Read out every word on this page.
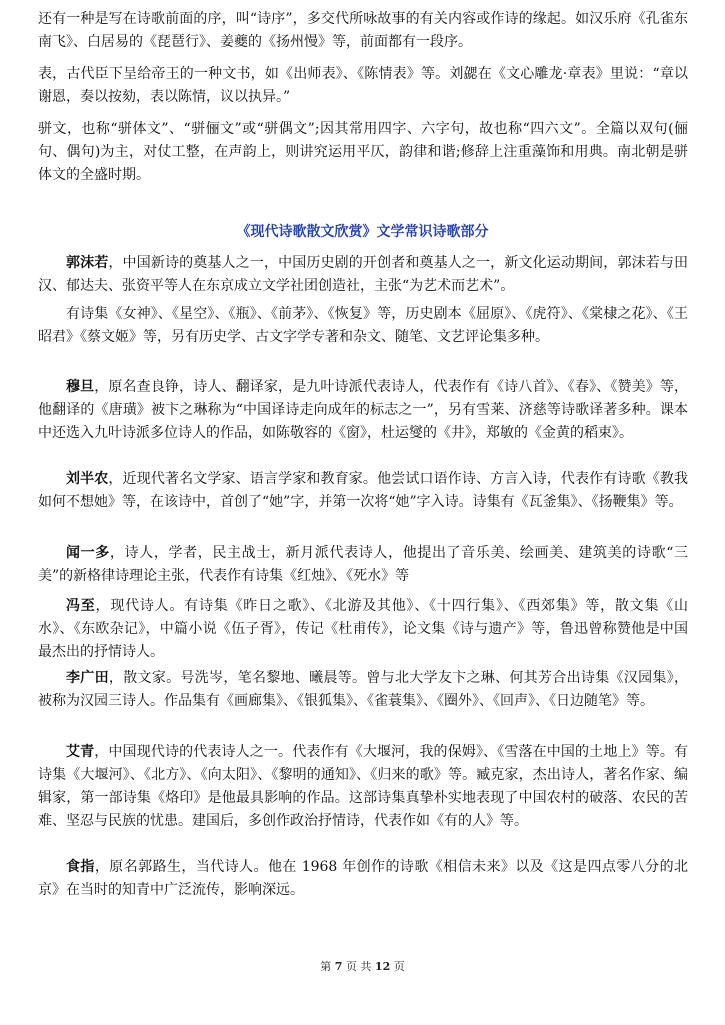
还有一种是写在诗歌前面的序，叫“诗序”，多交代所咏故事的有关内容或作诗的缘起。如汉乐府《孔雀东南飞》、白居易的《琵琶行》、姜夔的《扬州慢》等，前面都有一段序。

表，古代臣下呈给帝王的一种文书，如《出师表》、《陈情表》等。刘勰在《文心雕龙·章表》里说：“章以谢恩，奏以按劾，表以陈情，议以执异。”

骈文，也称“骈体文”、“骈俪文”或“骈偶文”;因其常用四字、六字句，故也称“四六文”。全篇以双句(俪句、偶句)为主，对仗工整，在声韵上，则讲究运用平仄，韵律和谐;修辞上注重藻饰和用典。南北朝是骈体文的全盛时期。

《现代诗歌散文欣赏》文学常识诗歌部分

郭沫若，中国新诗的奠基人之一，中国历史剧的开创者和奠基人之一，新文化运动期间，郭沫若与田汉、郁达夫、张资平等人在东京成立文学社团创造社，主张“为艺术而艺术”。

有诗集《女神》、《星空》、《瓶》、《前茅》、《恢复》等，历史剧本《屈原》、《虎符》、《棠棣之花》、《王昭君》《蔡文姬》等，另有历史学、古文字学专著和杂文、随笔、文艺评论集多种。

穆旦，原名查良铮，诗人、翻译家，是九叶诗派代表诗人，代表作有《诗八首》、《春》、《赞美》等，他翻译的《唐璜》被卞之琳称为“中国译诗走向成年的标志之一”，另有雪莱、济慈等诗歌译著多种。课本中还选入九叶诗派多位诗人的作品，如陈敬容的《窗》，杜运燮的《井》，郑敏的《金黄的稻束》。

刘半农，近现代著名文学家、语言学家和教育家。他尝试口语作诗、方言入诗，代表作有诗歌《教我如何不想她》等，在该诗中，首创了“她”字，并第一次将“她”字入诗。诗集有《瓦釜集》、《扬鞭集》等。

闻一多，诗人，学者，民主战士，新月派代表诗人，他提出了音乐美、绘画美、建筑美的诗歌“三美”的新格律诗理论主张，代表作有诗集《红烛》、《死水》等

冯至，现代诗人。有诗集《昨日之歌》、《北游及其他》、《十四行集》、《西郊集》等，散文集《山水》、《东欧杂记》，中篇小说《伍子胥》，传记《杜甫传》，论文集《诗与遗产》等，鲁迅曾称赞他是中国最杰出的抒情诗人。

李广田，散文家。号洗岑，笔名黎地、曦晨等。曾与北大学友卞之琳、何其芳合出诗集《汉园集》，被称为汉园三诗人。作品集有《画廊集》、《银狐集》、《雀蓑集》、《圈外》、《回声》、《日边随笔》等。

艾青，中国现代诗的代表诗人之一。代表作有《大堰河，我的保姆》、《雪落在中国的土地上》等。有诗集《大堰河》、《北方》、《向太阳》、《黎明的通知》、《归来的歌》等。臧克家，杰出诗人，著名作家、编辑家，第一部诗集《烙印》是他最具影响的作品。这部诗集真挚朴实地表现了中国农村的破落、农民的苦难、坚忍与民族的忧患。建国后，多创作政治抒情诗，代表作如《有的人》等。

食指，原名郭路生，当代诗人。他在 1968 年创作的诗歌《相信未来》以及《这是四点零八分的北京》在当时的知青中广泛流传，影响深远。

第 7 页 共 12 页
